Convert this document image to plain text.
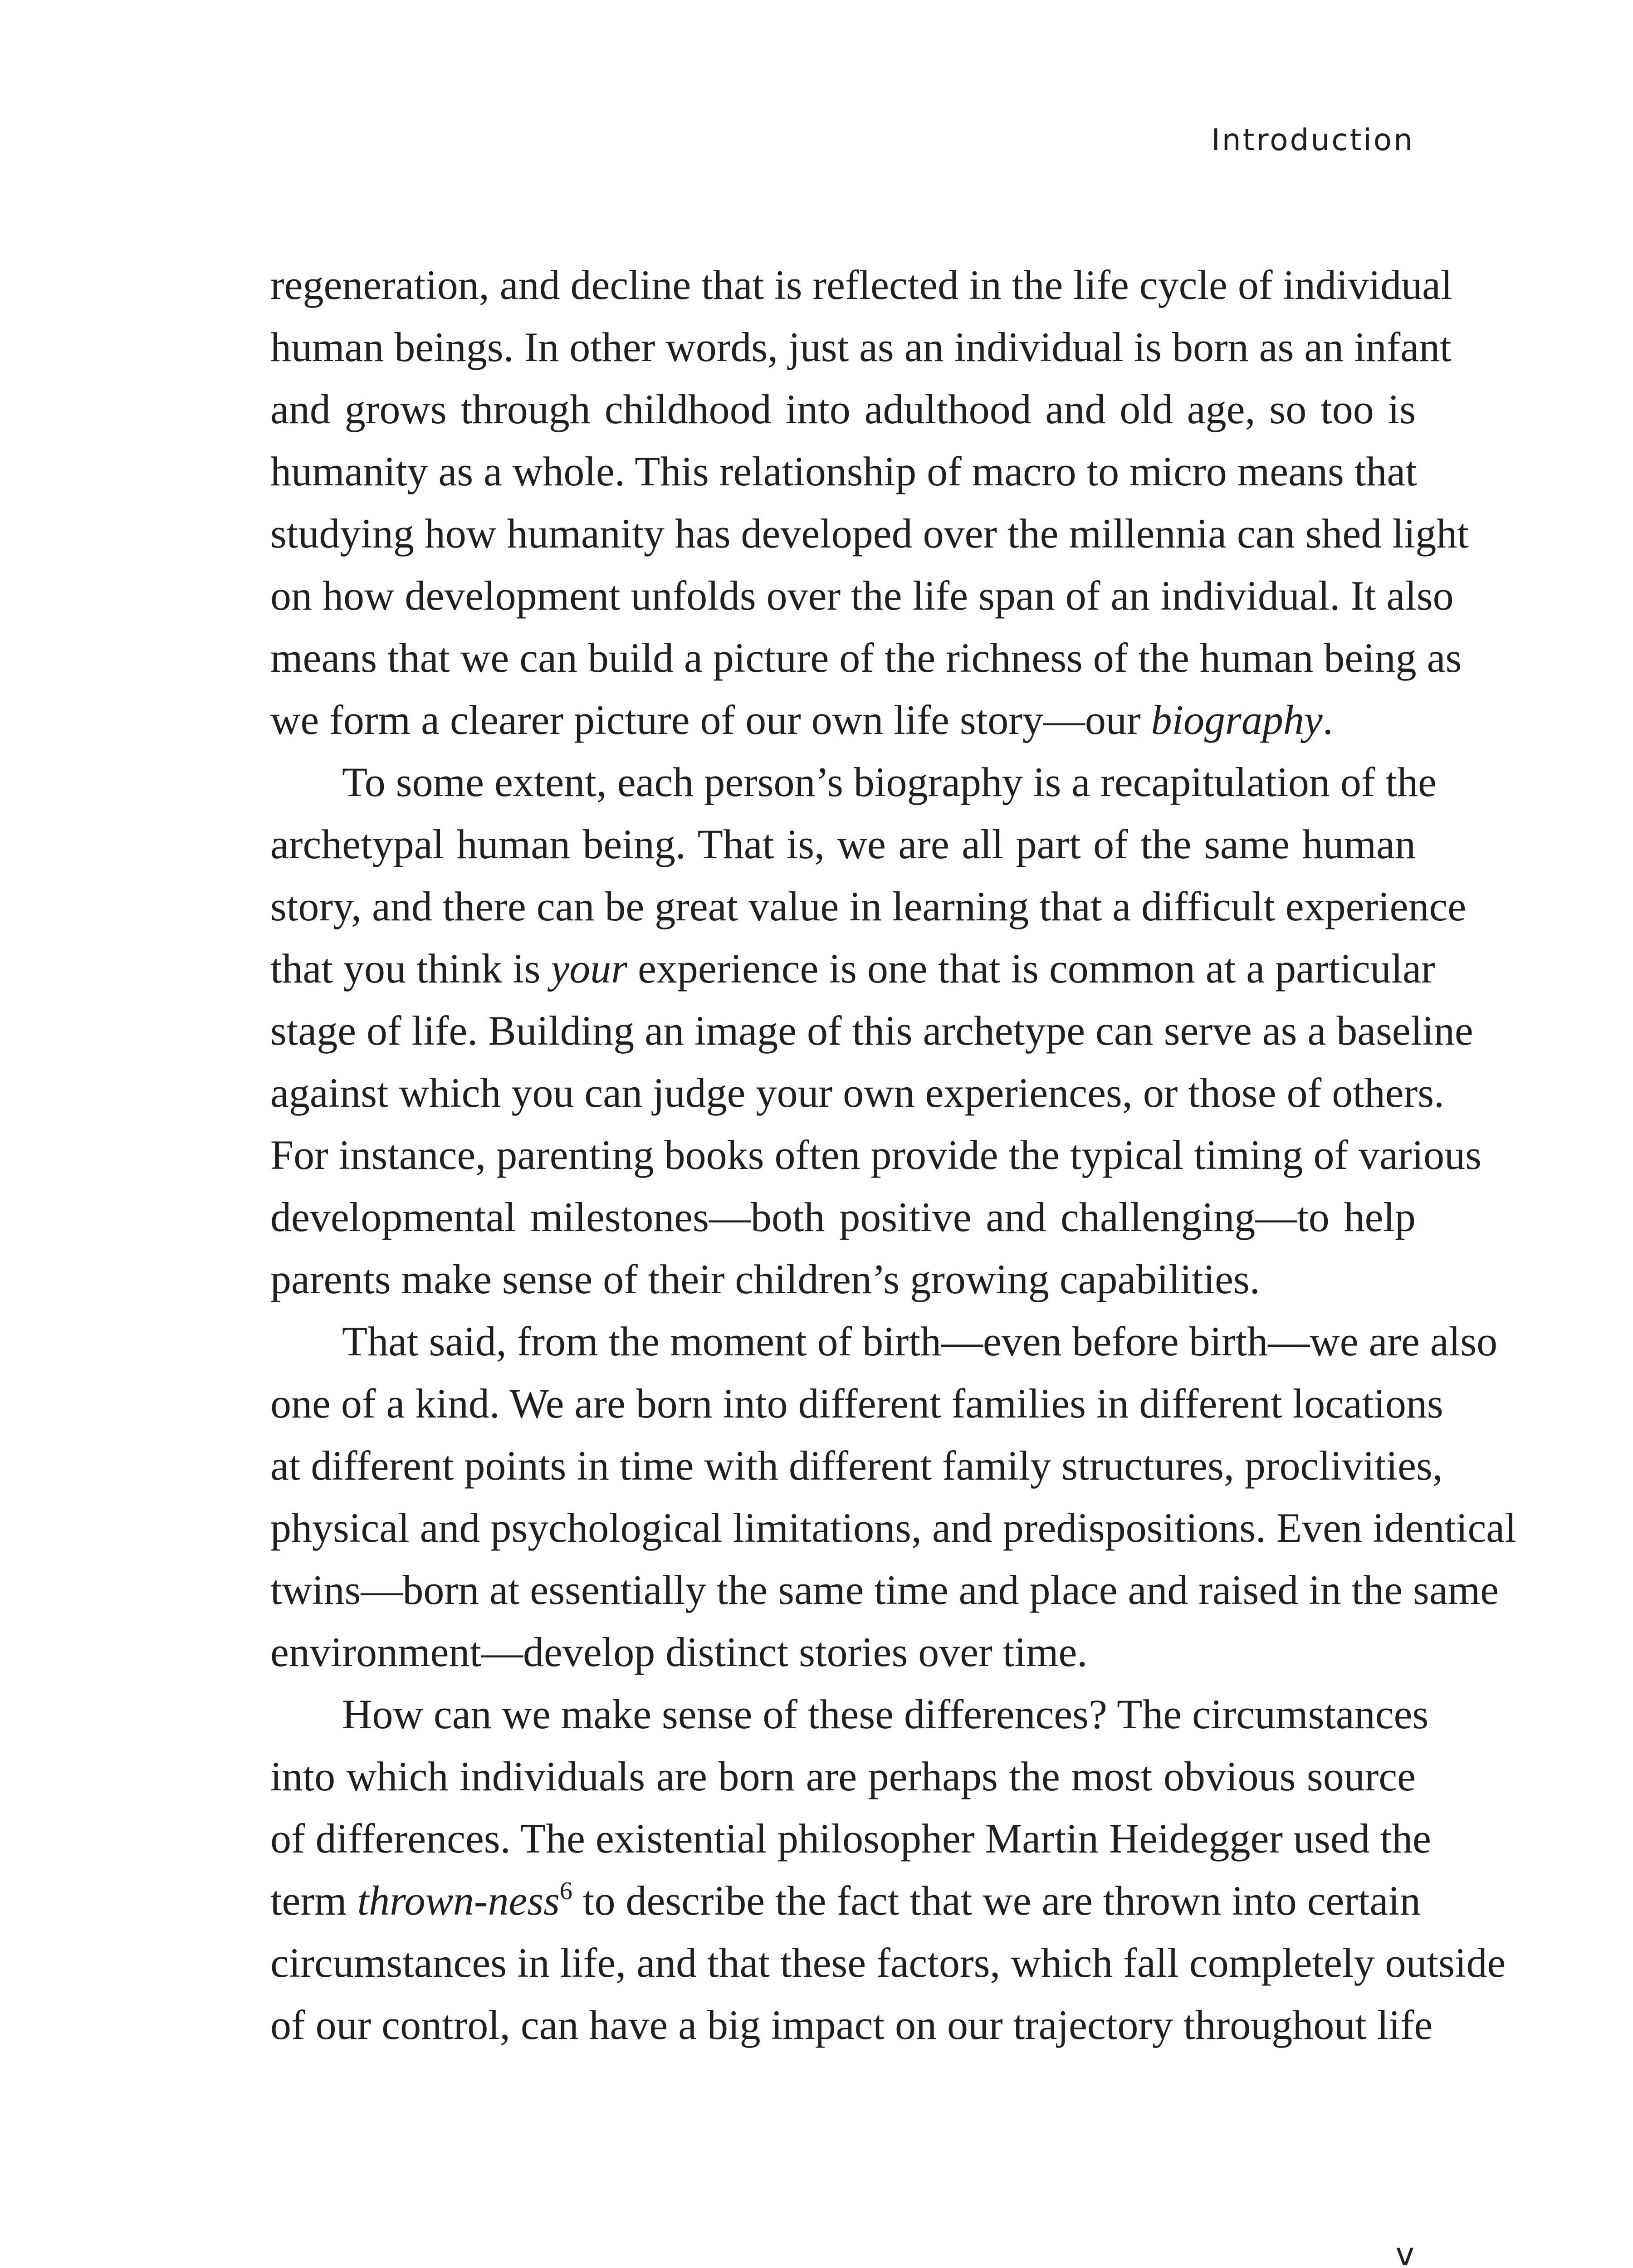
Introduction

regeneration, and decline that is reflected in the life cycle of individual
human beings. In other words, just as an individual is born as an infant
and grows through childhood into adulthood and old age, so too is
humanity as a whole. This relationship of macro to micro means that
studying how humanity has developed over the millennia can shed light
on how development unfolds over the life span of an individual. It also
means that we can build a picture of the richness of the human being as
we form a clearer picture of our own life story—our biography.

To some extent, each person’s biography is a recapitulation of the
archetypal human being. That is, we are all part of the same human
story, and there can be great value in learning that a difficult experience
that you think is your experience is one that is common at a particular
stage of life. Building an image of this archetype can serve as a baseline
against which you can judge your own experiences, or those of others.
For instance, parenting books often provide the typical timing of various
developmental milestones—both positive and challenging—to help
parents make sense of their children’s growing capabilities.

That said, from the moment of birth—even before birth—we are also
one of a kind. We are born into different families in different locations
at different points in time with different family structures, proclivities,
physical and psychological limitations, and predispositions. Even identical
twins—born at essentially the same time and place and raised in the same
environment—develop distinct stories over time.

How can we make sense of these differences? The circumstances
into which individuals are born are perhaps the most obvious source
of differences. The existential philosopher Martin Heidegger used the
term thrown-ness$^6$ to describe the fact that we are thrown into certain
circumstances in life, and that these factors, which fall completely outside
of our control, can have a big impact on our trajectory throughout life

v
